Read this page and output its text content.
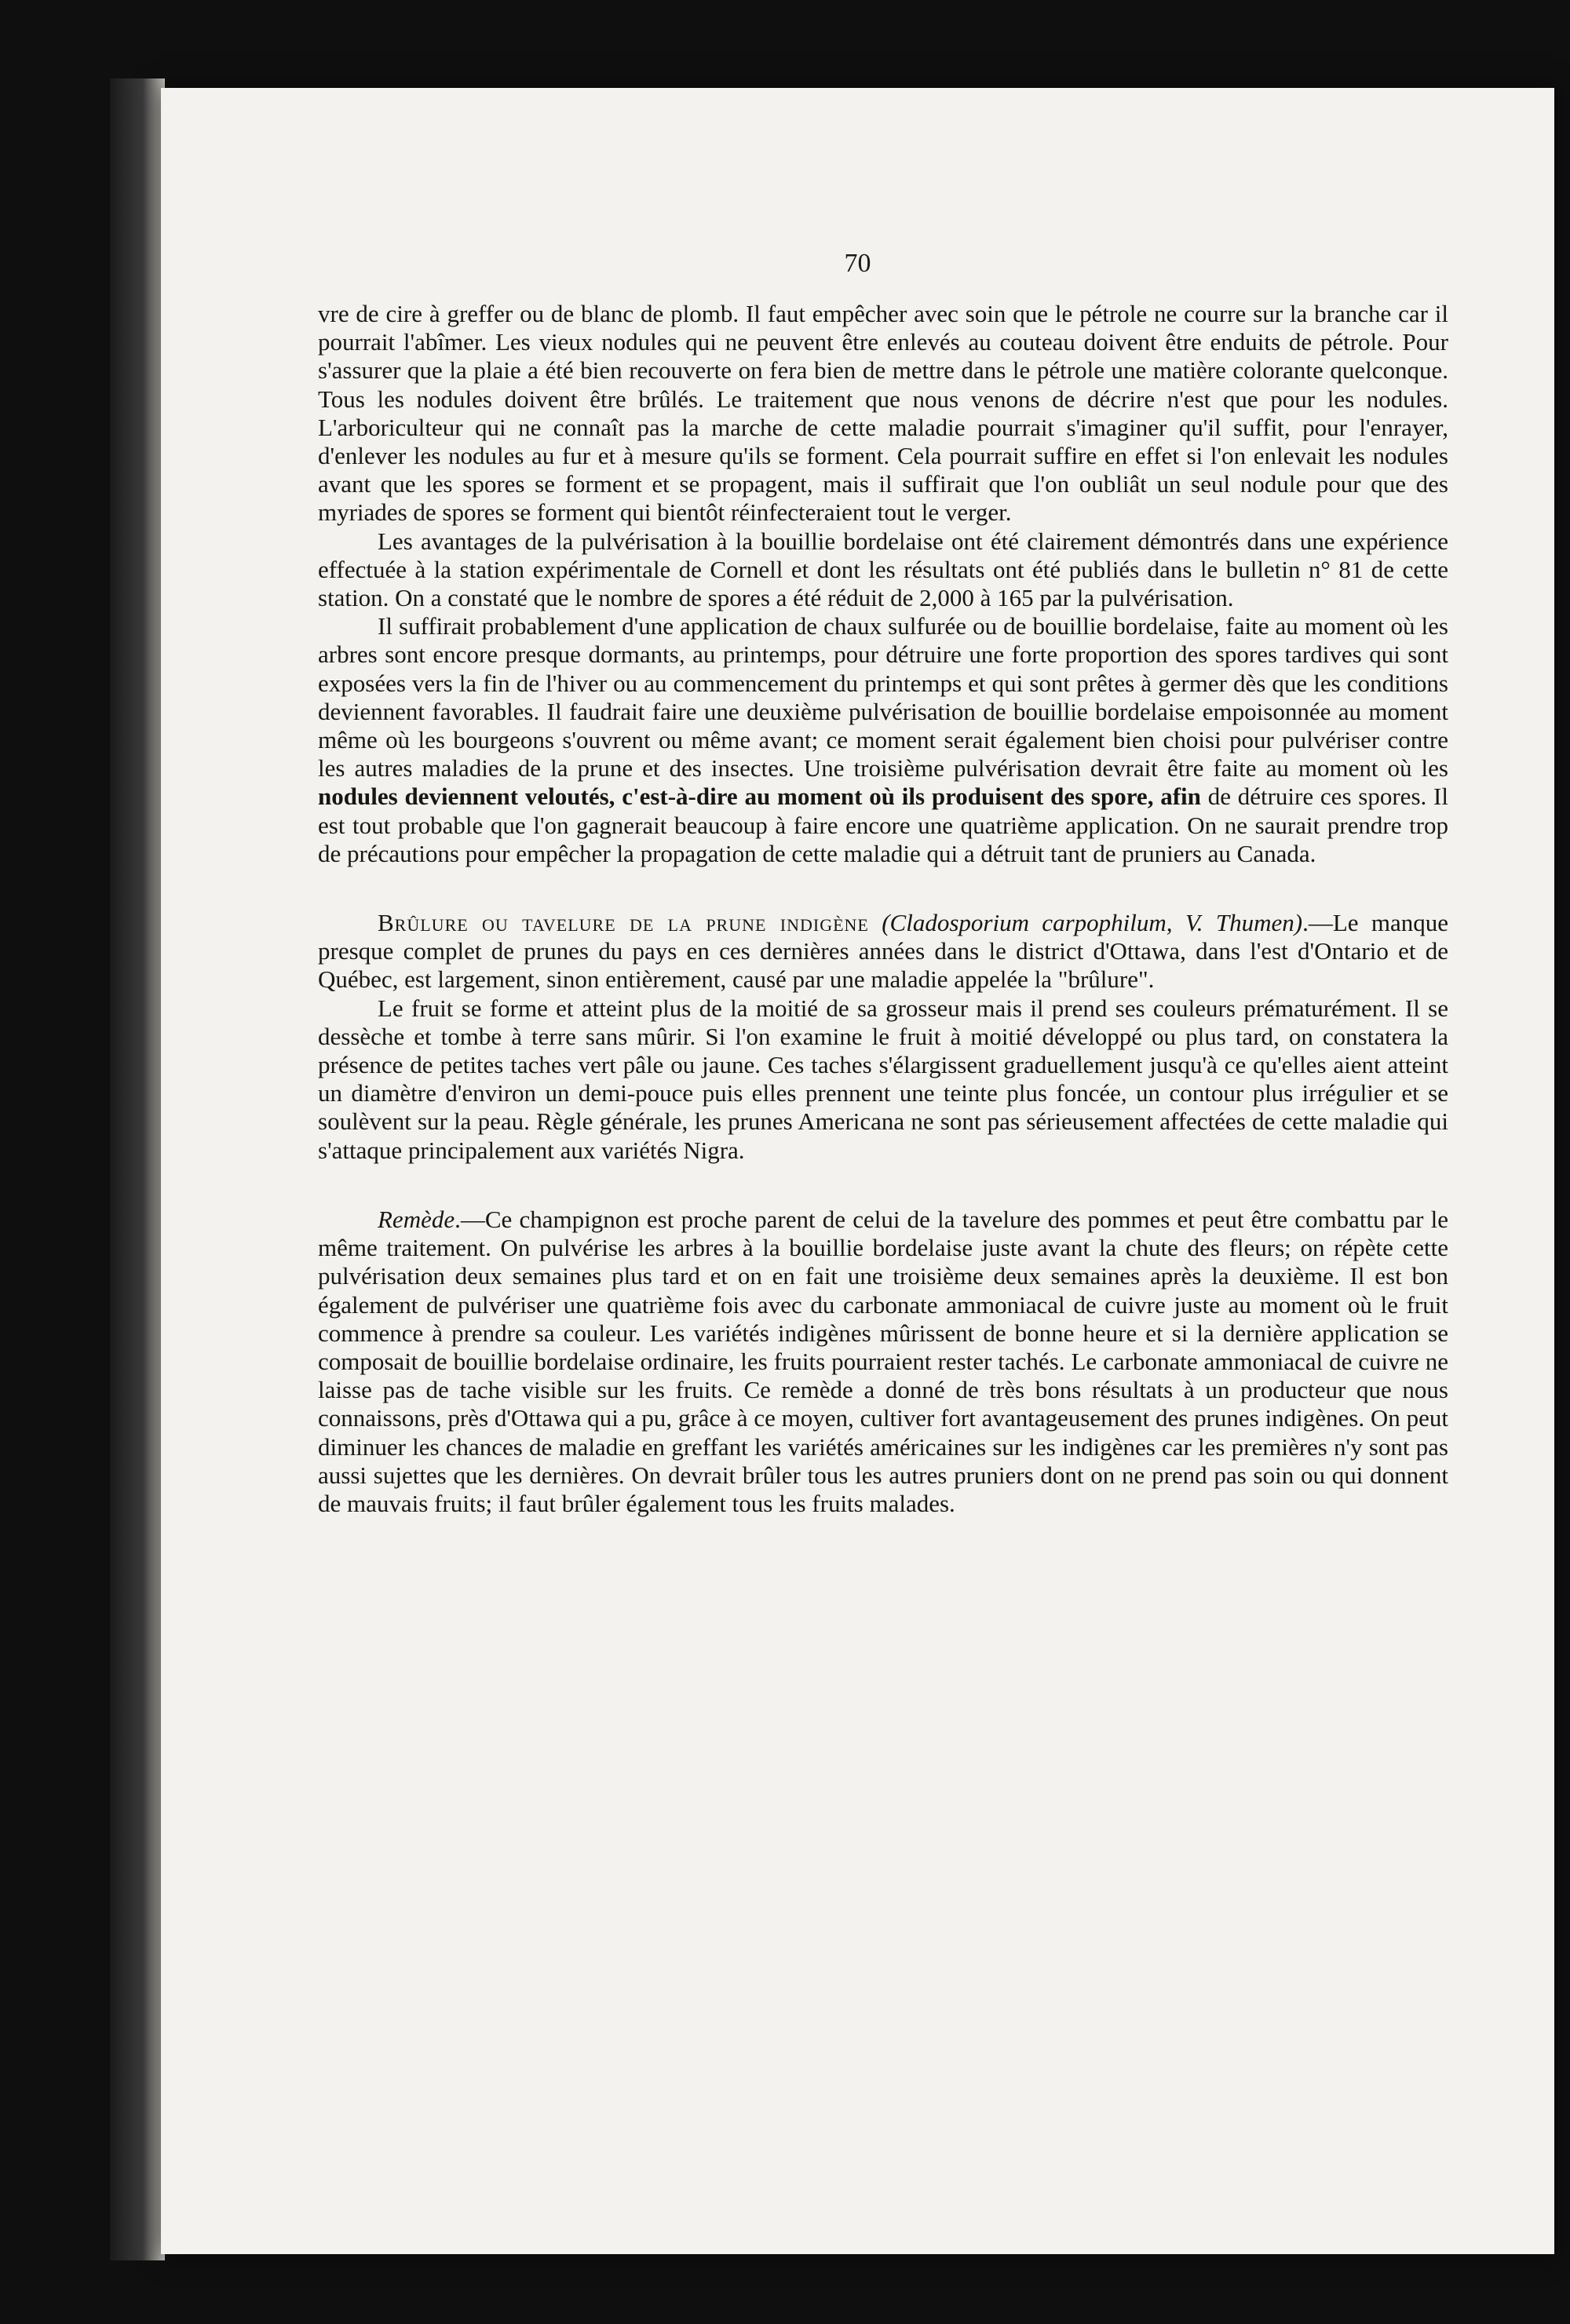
70

vre de cire à greffer ou de blanc de plomb. Il faut empêcher avec soin que le pétrole ne courre sur la branche car il pourrait l'abîmer. Les vieux nodules qui ne peuvent être enlevés au couteau doivent être enduits de pétrole. Pour s'assurer que la plaie a été bien recouverte on fera bien de mettre dans le pétrole une matière colorante quelconque. Tous les nodules doivent être brûlés. Le traitement que nous venons de décrire n'est que pour les nodules. L'arboriculteur qui ne connaît pas la marche de cette maladie pourrait s'imaginer qu'il suffit, pour l'enrayer, d'enlever les nodules au fur et à mesure qu'ils se forment. Cela pourrait suffire en effet si l'on enlevait les nodules avant que les spores se forment et se propagent, mais il suffirait que l'on oubliât un seul nodule pour que des myriades de spores se forment qui bientôt réinfecteraient tout le verger.

Les avantages de la pulvérisation à la bouillie bordelaise ont été clairement démontrés dans une expérience effectuée à la station expérimentale de Cornell et dont les résultats ont été publiés dans le bulletin n° 81 de cette station. On a constaté que le nombre de spores a été réduit de 2,000 à 165 par la pulvérisation.

Il suffirait probablement d'une application de chaux sulfurée ou de bouillie bordelaise, faite au moment où les arbres sont encore presque dormants, au printemps, pour détruire une forte proportion des spores tardives qui sont exposées vers la fin de l'hiver ou au commencement du printemps et qui sont prêtes à germer dès que les conditions deviennent favorables. Il faudrait faire une deuxième pulvérisation de bouillie bordelaise empoisonnée au moment même où les bourgeons s'ouvrent ou même avant; ce moment serait également bien choisi pour pulvériser contre les autres maladies de la prune et des insectes. Une troisième pulvérisation devrait être faite au moment où les nodules deviennent veloutés, c'est-à-dire au moment où ils produisent des spore, afin de détruire ces spores. Il est tout probable que l'on gagnerait beaucoup à faire encore une quatrième application. On ne saurait prendre trop de précautions pour empêcher la propagation de cette maladie qui a détruit tant de pruniers au Canada.

Brûlure ou tavelure de la prune indigène (Cladosporium carpophilum, V. Thumen).—Le manque presque complet de prunes du pays en ces dernières années dans le district d'Ottawa, dans l'est d'Ontario et de Québec, est largement, sinon entièrement, causé par une maladie appelée la "brûlure".

Le fruit se forme et atteint plus de la moitié de sa grosseur mais il prend ses couleurs prématurément. Il se dessèche et tombe à terre sans mûrir. Si l'on examine le fruit à moitié développé ou plus tard, on constatera la présence de petites taches vert pâle ou jaune. Ces taches s'élargissent graduellement jusqu'à ce qu'elles aient atteint un diamètre d'environ un demi-pouce puis elles prennent une teinte plus foncée, un contour plus irrégulier et se soulèvent sur la peau. Règle générale, les prunes Americana ne sont pas sérieusement affectées de cette maladie qui s'attaque principalement aux variétés Nigra.

Remède.—Ce champignon est proche parent de celui de la tavelure des pommes et peut être combattu par le même traitement. On pulvérise les arbres à la bouillie bordelaise juste avant la chute des fleurs; on répète cette pulvérisation deux semaines plus tard et on en fait une troisième deux semaines après la deuxième. Il est bon également de pulvériser une quatrième fois avec du carbonate ammoniacal de cuivre juste au moment où le fruit commence à prendre sa couleur. Les variétés indigènes mûrissent de bonne heure et si la dernière application se composait de bouillie bordelaise ordinaire, les fruits pourraient rester tachés. Le carbonate ammoniacal de cuivre ne laisse pas de tache visible sur les fruits. Ce remède a donné de très bons résultats à un producteur que nous connaissons, près d'Ottawa qui a pu, grâce à ce moyen, cultiver fort avantageusement des prunes indigènes. On peut diminuer les chances de maladie en greffant les variétés américaines sur les indigènes car les premières n'y sont pas aussi sujettes que les dernières. On devrait brûler tous les autres pruniers dont on ne prend pas soin ou qui donnent de mauvais fruits; il faut brûler également tous les fruits malades.
